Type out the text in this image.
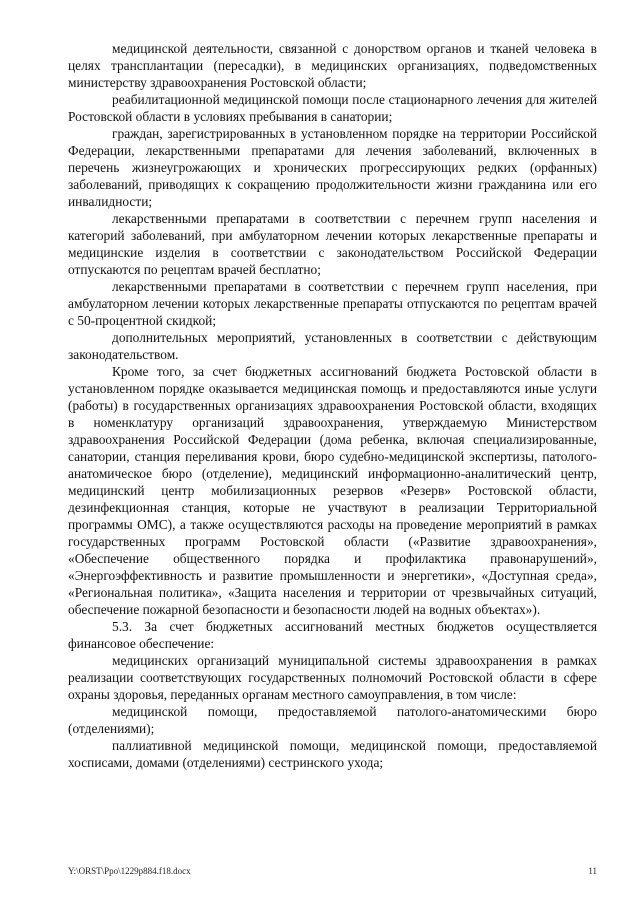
медицинской деятельности, связанной с донорством органов и тканей человека в целях трансплантации (пересадки), в медицинских организациях, подведомственных министерству здравоохранения Ростовской области;

реабилитационной медицинской помощи после стационарного лечения для жителей Ростовской области в условиях пребывания в санатории;

граждан, зарегистрированных в установленном порядке на территории Российской Федерации, лекарственными препаратами для лечения заболеваний, включенных в перечень жизнеугрожающих и хронических прогрессирующих редких (орфанных) заболеваний, приводящих к сокращению продолжительности жизни гражданина или его инвалидности;

лекарственными препаратами в соответствии с перечнем групп населения и категорий заболеваний, при амбулаторном лечении которых лекарственные препараты и медицинские изделия в соответствии с законодательством Российской Федерации отпускаются по рецептам врачей бесплатно;

лекарственными препаратами в соответствии с перечнем групп населения, при амбулаторном лечении которых лекарственные препараты отпускаются по рецептам врачей с 50-процентной скидкой;

дополнительных мероприятий, установленных в соответствии с действующим законодательством.

Кроме того, за счет бюджетных ассигнований бюджета Ростовской области в установленном порядке оказывается медицинская помощь и предоставляются иные услуги (работы) в государственных организациях здравоохранения Ростовской области, входящих в номенклатуру организаций здравоохранения, утверждаемую Министерством здравоохранения Российской Федерации (дома ребенка, включая специализированные, санатории, станция переливания крови, бюро судебно-медицинской экспертизы, патолого-анатомическое бюро (отделение), медицинский информационно-аналитический центр, медицинский центр мобилизационных резервов «Резерв» Ростовской области, дезинфекционная станция, которые не участвуют в реализации Территориальной программы ОМС), а также осуществляются расходы на проведение мероприятий в рамках государственных программ Ростовской области («Развитие здравоохранения», «Обеспечение общественного порядка и профилактика правонарушений», «Энергоэффективность и развитие промышленности и энергетики», «Доступная среда», «Региональная политика», «Защита населения и территории от чрезвычайных ситуаций, обеспечение пожарной безопасности и безопасности людей на водных объектах»).

5.3. За счет бюджетных ассигнований местных бюджетов осуществляется финансовое обеспечение:

медицинских организаций муниципальной системы здравоохранения в рамках реализации соответствующих государственных полномочий Ростовской области в сфере охраны здоровья, переданных органам местного самоуправления, в том числе:

медицинской помощи, предоставляемой патолого-анатомическими бюро (отделениями);

паллиативной медицинской помощи, медицинской помощи, предоставляемой хосписами, домами (отделениями) сестринского ухода;

Y:\ORST\Ppo\1229p884.f18.docx	11
